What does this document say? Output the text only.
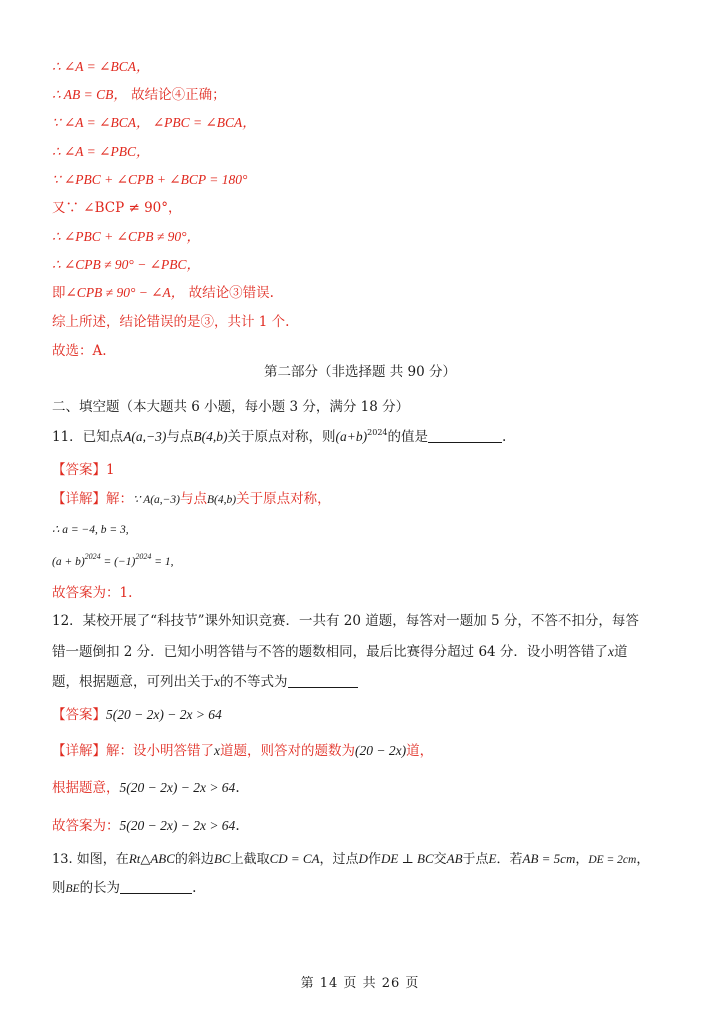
∴ ∠A = ∠BCA，
∴ AB = CB， 故结论④正确；
∵ ∠A = ∠BCA， ∠PBC = ∠BCA，
∴ ∠A = ∠PBC，
∵ ∠PBC + ∠CPB + ∠BCP = 180°
又∵ ∠BCP ≠ 90°，
∴ ∠PBC + ∠CPB ≠ 90°，
∴ ∠CPB ≠ 90° − ∠PBC，
即∠CPB ≠ 90° − ∠A， 故结论③错误.
综上所述，结论错误的是③，共计 1 个.
故选：A.
第二部分（非选择题 共 90 分）
二、填空题（本大题共 6 小题，每小题 3 分，满分 18 分）
11．已知点A(a,−3)与点B(4,b)关于原点对称，则$(a+b)^{2024}$的值是	.
【答案】1
【详解】解：∵ A(a,−3)与点B(4,b)关于原点对称，
∴ a = −4, b = 3,
$(a + b)^{2024} = (-1)^{2024} = 1$,
故答案为：1.
12．某校开展了“科技节”课外知识竞赛．一共有 20 道题，每答对一题加 5 分，不答不扣分，每答
错一题倒扣 2 分．已知小明答错与不答的题数相同，最后比赛得分超过 64 分．设小明答错了x道
题，根据题意，可列出关于x的不等式为
【答案】5(20 − 2x) − 2x > 64
【详解】解：设小明答错了x道题，则答对的题数为(20 − 2x)道，
根据题意，5(20 − 2x) − 2x > 64.
故答案为：5(20 − 2x) − 2x > 64.
13. 如图，在Rt△ABC的斜边BC上截取CD = CA，过点D作DE ⊥ BC交AB于点E．若AB = 5cm，DE = 2cm，
则BE的长为	.
第 14 页 共 26 页
